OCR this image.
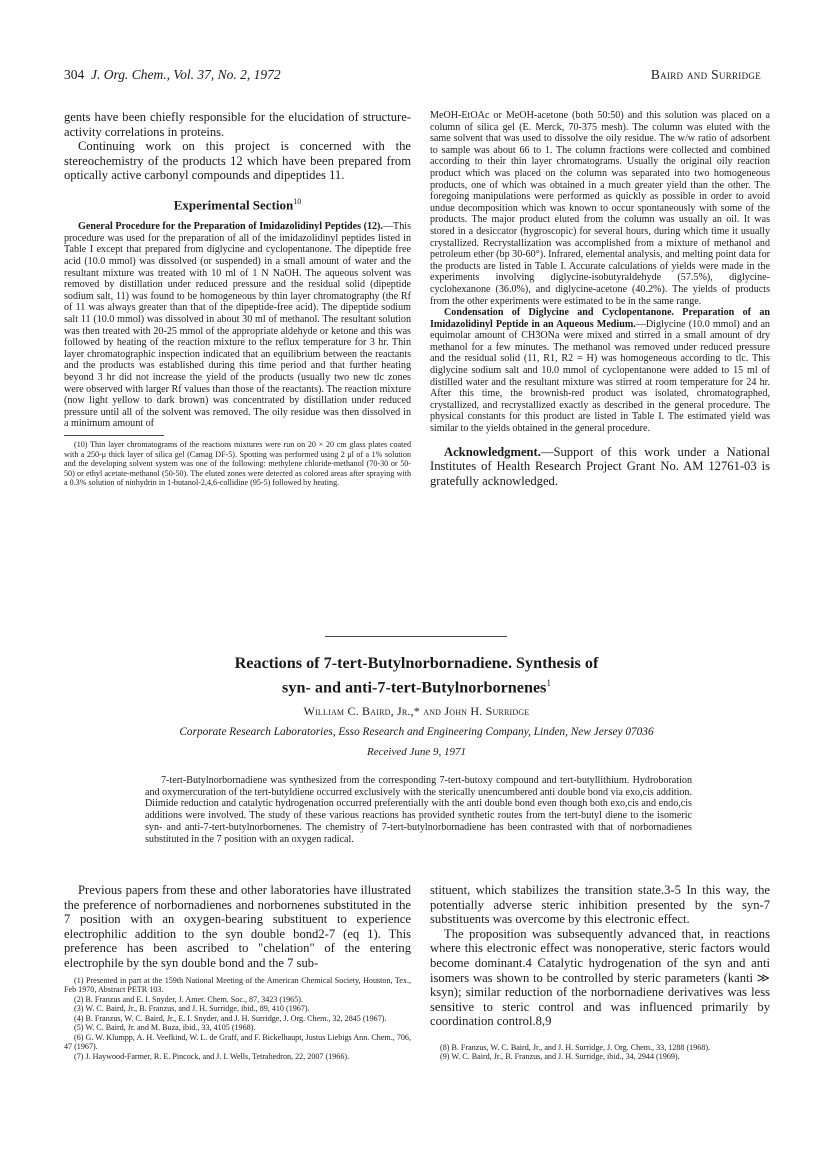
304 J. Org. Chem., Vol. 37, No. 2, 1972	Baird and Surridge

gents have been chiefly responsible for the elucidation of structure-activity correlations in proteins.

Continuing work on this project is concerned with the stereochemistry of the products 12 which have been prepared from optically active carbonyl compounds and dipeptides 11.

Experimental Section$^{10}$

General Procedure for the Preparation of Imidazolidinyl Peptides (12).—This procedure was used for the preparation of all of the imidazolidinyl peptides listed in Table I except that prepared from diglycine and cyclopentanone. The dipeptide free acid (10.0 mmol) was dissolved (or suspended) in a small amount of water and the resultant mixture was treated with 10 ml of 1 N NaOH. The aqueous solvent was removed by distillation under reduced pressure and the residual solid (dipeptide sodium salt, 11) was found to be homogeneous by thin layer chromatography (the Rf of 11 was always greater than that of the dipeptide-free acid). The dipeptide sodium salt 11 (10.0 mmol) was dissolved in about 30 ml of methanol. The resultant solution was then treated with 20-25 mmol of the appropriate aldehyde or ketone and this was followed by heating of the reaction mixture to the reflux temperature for 3 hr. Thin layer chromatographic inspection indicated that an equilibrium between the reactants and the products was established during this time period and that further heating beyond 3 hr did not increase the yield of the products (usually two new tlc zones were observed with larger Rf values than those of the reactants). The reaction mixture (now light yellow to dark brown) was concentrated by distillation under reduced pressure until all of the solvent was removed. The oily residue was then dissolved in a minimum amount of

(10) Thin layer chromatograms of the reactions mixtures were run on 20 × 20 cm glass plates coated with a 250-μ thick layer of silica gel (Camag DF-5). Spotting was performed using 2 μl of a 1% solution and the developing solvent system was one of the following: methylene chloride-methanol (70-30 or 50-50) or ethyl acetate-methanol (50-50). The eluted zones were detected as colored areas after spraying with a 0.3% solution of ninhydrin in 1-butanol-2,4,6-collidine (95-5) followed by heating.

MeOH-EtOAc or MeOH-acetone (both 50:50) and this solution was placed on a column of silica gel (E. Merck, 70-375 mesh). The column was eluted with the same solvent that was used to dissolve the oily residue. The w/w ratio of adsorbent to sample was about 66 to 1. The column fractions were collected and combined according to their thin layer chromatograms. Usually the original oily reaction product which was placed on the column was separated into two homogeneous products, one of which was obtained in a much greater yield than the other. The foregoing manipulations were performed as quickly as possible in order to avoid undue decomposition which was known to occur spontaneously with some of the products. The major product eluted from the column was usually an oil. It was stored in a desiccator (hygroscopic) for several hours, during which time it usually crystallized. Recrystallization was accomplished from a mixture of methanol and petroleum ether (bp 30-60°). Infrared, elemental analysis, and melting point data for the products are listed in Table I. Accurate calculations of yields were made in the experiments involving diglycine-isobutyraldehyde (57.5%), diglycine-cyclohexanone (36.0%), and diglycine-acetone (40.2%). The yields of products from the other experiments were estimated to be in the same range.

Condensation of Diglycine and Cyclopentanone. Preparation of an Imidazolidinyl Peptide in an Aqueous Medium.—Diglycine (10.0 mmol) and an equimolar amount of CH3ONa were mixed and stirred in a small amount of dry methanol for a few minutes. The methanol was removed under reduced pressure and the residual solid (11, R1, R2 = H) was homogeneous according to tlc. This diglycine sodium salt and 10.0 mmol of cyclopentanone were added to 15 ml of distilled water and the resultant mixture was stirred at room temperature for 24 hr. After this time, the brownish-red product was isolated, chromatographed, crystallized, and recrystallized exactly as described in the general procedure. The physical constants for this product are listed in Table I. The estimated yield was similar to the yields obtained in the general procedure.

Acknowledgment.—Support of this work under a National Institutes of Health Research Project Grant No. AM 12761-03 is gratefully acknowledged.

Reactions of 7-tert-Butylnorbornadiene. Synthesis of
syn- and anti-7-tert-Butylnorbornenes$^1$
William C. Baird, Jr.,* and John H. Surridge
Corporate Research Laboratories, Esso Research and Engineering Company, Linden, New Jersey 07036
Received June 9, 1971
7-tert-Butylnorbornadiene was synthesized from the corresponding 7-tert-butoxy compound and tert-butyllithium. Hydroboration and oxymercuration of the tert-butyldiene occurred exclusively with the sterically unencumbered anti double bond via exo,cis addition. Diimide reduction and catalytic hydrogenation occurred preferentially with the anti double bond even though both exo,cis and endo,cis additions were involved. The study of these various reactions has provided synthetic routes from the tert-butyl diene to the isomeric syn- and anti-7-tert-butylnorbornenes. The chemistry of 7-tert-butylnorbornadiene has been contrasted with that of norbornadienes substituted in the 7 position with an oxygen radical.

Previous papers from these and other laboratories have illustrated the preference of norbornadienes and norbornenes substituted in the 7 position with an oxygen-bearing substituent to experience electrophilic addition to the syn double bond2-7 (eq 1). This preference has been ascribed to "chelation" of the entering electrophile by the syn double bond and the 7 sub-

(1) Presented in part at the 159th National Meeting of the American Chemical Society, Houston, Tex., Feb 1970, Abstract PETR 103.

(2) B. Franzus and E. I. Snyder, J. Amer. Chem. Soc., 87, 3423 (1965).

(3) W. C. Baird, Jr., B. Franzus, and J. H. Surridge, ibid., 89, 410 (1967).

(4) B. Franzus, W. C. Baird, Jr., E. I. Snyder, and J. H. Surridge, J. Org. Chem., 32, 2845 (1967).

(5) W. C. Baird, Jr. and M. Buza, ibid., 33, 4105 (1968).

(6) G. W. Klumpp, A. H. Veefkind, W. L. de Graff, and F. Bickelhaupt, Justus Liebigs Ann. Chem., 706, 47 (1967).

(7) J. Haywood-Farmer, R. E. Pincock, and J. I. Wells, Tetrahedron, 22, 2007 (1966).

stituent, which stabilizes the transition state.3-5 In this way, the potentially adverse steric inhibition presented by the syn-7 substituents was overcome by this electronic effect.

The proposition was subsequently advanced that, in reactions where this electronic effect was nonoperative, steric factors would become dominant.4 Catalytic hydrogenation of the syn and anti isomers was shown to be controlled by steric parameters (kanti ≫ ksyn); similar reduction of the norbornadiene derivatives was less sensitive to steric control and was influenced primarily by coordination control.8,9

(8) B. Franzus, W. C. Baird, Jr., and J. H. Surridge, J. Org. Chem., 33, 1288 (1968).

(9) W. C. Baird, Jr., B. Franzus, and J. H. Surridge, ibid., 34, 2944 (1969).
